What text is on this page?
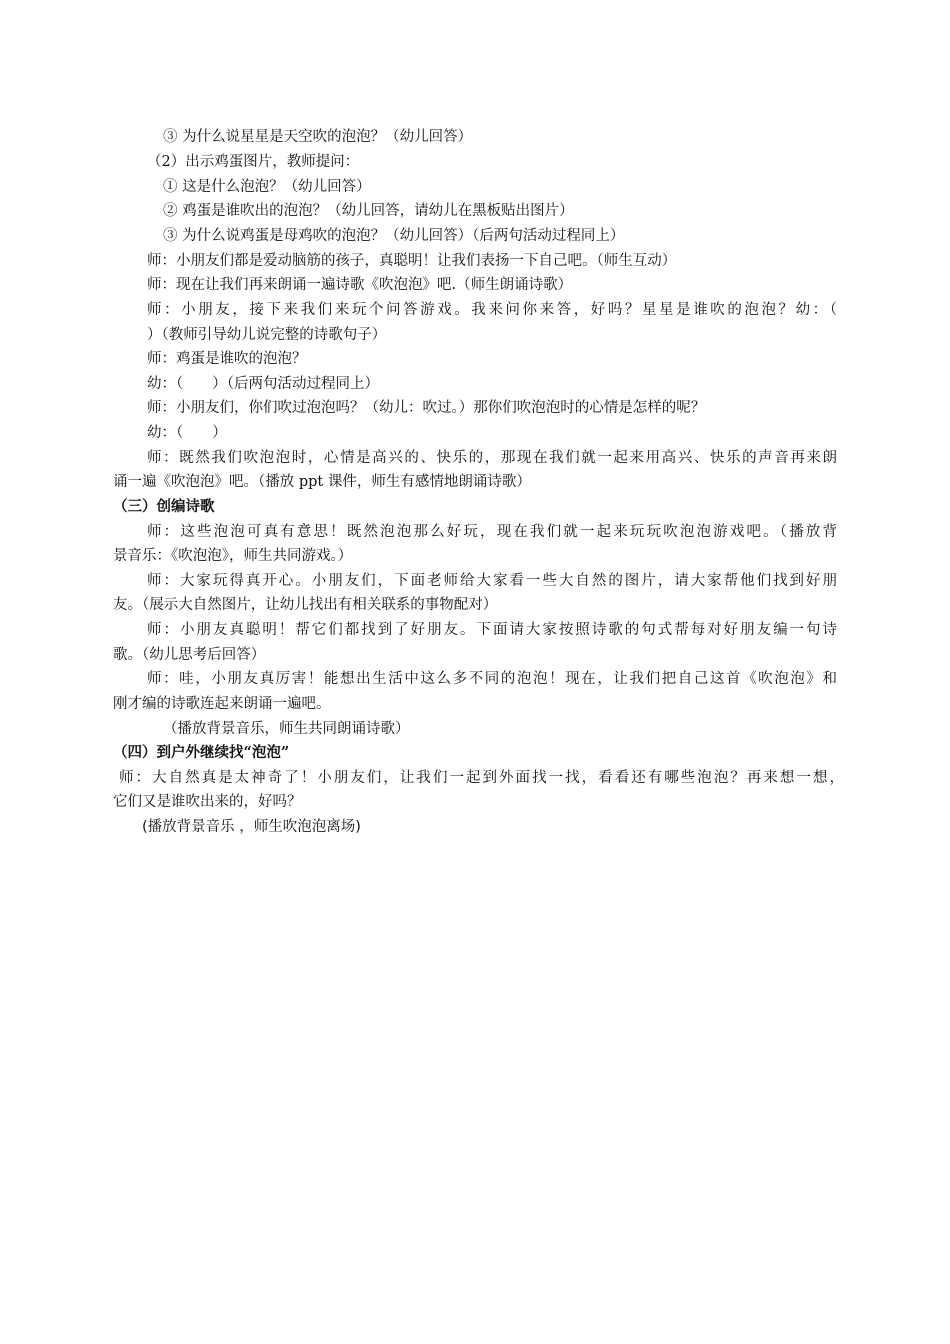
③ 为什么说星星是天空吹的泡泡？（幼儿回答）
（2）出示鸡蛋图片，教师提问：
① 这是什么泡泡？（幼儿回答）
② 鸡蛋是谁吹出的泡泡？（幼儿回答，请幼儿在黑板贴出图片）
③ 为什么说鸡蛋是母鸡吹的泡泡？（幼儿回答）（后两句活动过程同上）
师：小朋友们都是爱动脑筋的孩子，真聪明！让我们表扬一下自己吧。（师生互动）
师：现在让我们再来朗诵一遍诗歌《吹泡泡》吧.（师生朗诵诗歌）
师：小朋友，接下来我们来玩个问答游戏。我来问你来答，好吗？星星是谁吹的泡泡？幼：（
）（教师引导幼儿说完整的诗歌句子）
师：鸡蛋是谁吹的泡泡？
幼：（　　）（后两句活动过程同上）
师：小朋友们，你们吹过泡泡吗？（幼儿：吹过。）那你们吹泡泡时的心情是怎样的呢？
幼：（　　）
师：既然我们吹泡泡时，心情是高兴的、快乐的，那现在我们就一起来用高兴、快乐的声音再来朗
诵一遍《吹泡泡》吧。（播放 ppt 课件，师生有感情地朗诵诗歌）
（三）创编诗歌
师：这些泡泡可真有意思！既然泡泡那么好玩，现在我们就一起来玩玩吹泡泡游戏吧。（播放背
景音乐：《吹泡泡》，师生共同游戏。）
师：大家玩得真开心。小朋友们，下面老师给大家看一些大自然的图片，请大家帮他们找到好朋
友。（展示大自然图片，让幼儿找出有相关联系的事物配对）
师：小朋友真聪明！帮它们都找到了好朋友。下面请大家按照诗歌的句式帮每对好朋友编一句诗
歌。（幼儿思考后回答）
师：哇，小朋友真厉害！能想出生活中这么多不同的泡泡！现在，让我们把自己这首《吹泡泡》和
刚才编的诗歌连起来朗诵一遍吧。
（播放背景音乐，师生共同朗诵诗歌）
（四）到户外继续找“泡泡”
师：大自然真是太神奇了！小朋友们，让我们一起到外面找一找，看看还有哪些泡泡？再来想一想，
它们又是谁吹出来的，好吗？
(播放背景音乐 ，师生吹泡泡离场)
